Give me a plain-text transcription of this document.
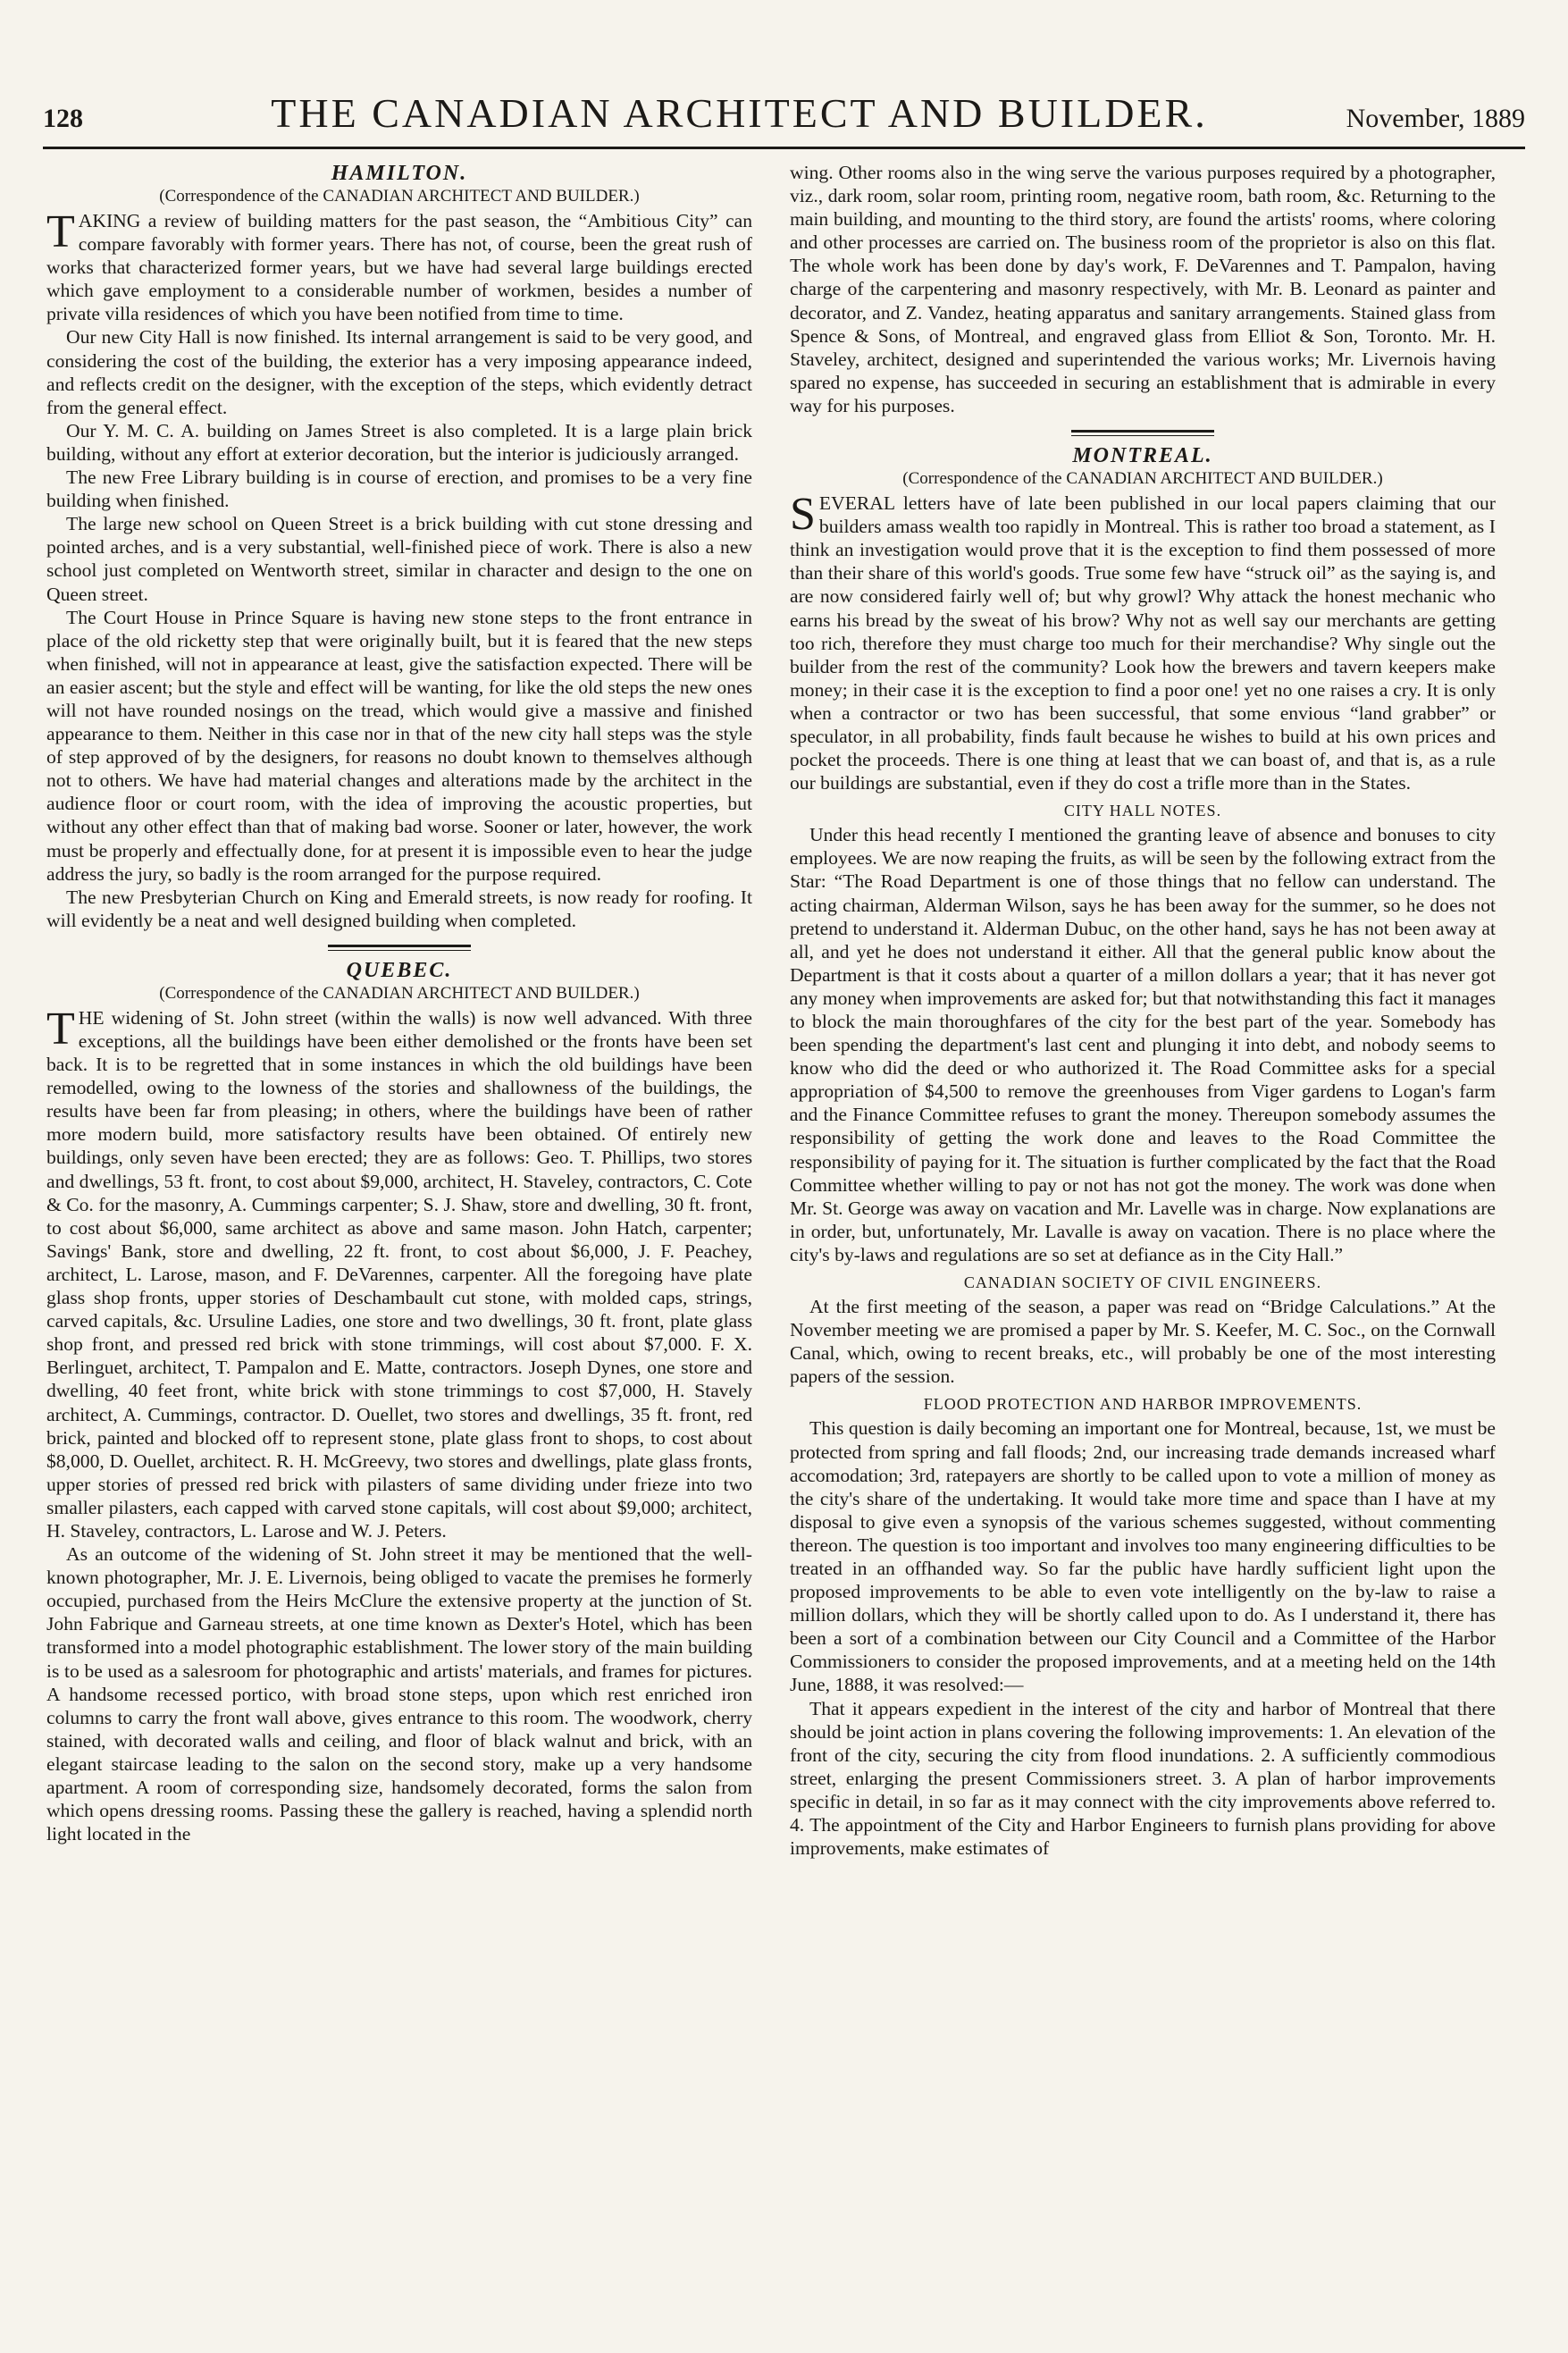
128	THE CANADIAN ARCHITECT AND BUILDER.	November, 1889
HAMILTON.
(Correspondence of the CANADIAN ARCHITECT AND BUILDER.)

TAKING a review of building matters for the past season, the “Ambitious City” can compare favorably with former years. There has not, of course, been the great rush of works that characterized former years, but we have had several large buildings erected which gave employment to a considerable number of workmen, besides a number of private villa residences of which you have been notified from time to time.

Our new City Hall is now finished. Its internal arrangement is said to be very good, and considering the cost of the building, the exterior has a very imposing appearance indeed, and reflects credit on the designer, with the exception of the steps, which evidently detract from the general effect.

Our Y. M. C. A. building on James Street is also completed. It is a large plain brick building, without any effort at exterior decoration, but the interior is judiciously arranged.

The new Free Library building is in course of erection, and promises to be a very fine building when finished.

The large new school on Queen Street is a brick building with cut stone dressing and pointed arches, and is a very substantial, well-finished piece of work. There is also a new school just completed on Wentworth street, similar in character and design to the one on Queen street.

The Court House in Prince Square is having new stone steps to the front entrance in place of the old ricketty step that were originally built, but it is feared that the new steps when finished, will not in appearance at least, give the satisfaction expected. There will be an easier ascent; but the style and effect will be wanting, for like the old steps the new ones will not have rounded nosings on the tread, which would give a massive and finished appearance to them. Neither in this case nor in that of the new city hall steps was the style of step approved of by the designers, for reasons no doubt known to themselves although not to others. We have had material changes and alterations made by the architect in the audience floor or court room, with the idea of improving the acoustic properties, but without any other effect than that of making bad worse. Sooner or later, however, the work must be properly and effectually done, for at present it is impossible even to hear the judge address the jury, so badly is the room arranged for the purpose required.

The new Presbyterian Church on King and Emerald streets, is now ready for roofing. It will evidently be a neat and well designed building when completed.

QUEBEC.
(Correspondence of the CANADIAN ARCHITECT AND BUILDER.)

THE widening of St. John street (within the walls) is now well advanced. With three exceptions, all the buildings have been either demolished or the fronts have been set back. It is to be regretted that in some instances in which the old buildings have been remodelled, owing to the lowness of the stories and shallowness of the buildings, the results have been far from pleasing; in others, where the buildings have been of rather more modern build, more satisfactory results have been obtained. Of entirely new buildings, only seven have been erected; they are as follows: Geo. T. Phillips, two stores and dwellings, 53 ft. front, to cost about $9,000, architect, H. Staveley, contractors, C. Cote & Co. for the masonry, A. Cummings carpenter; S. J. Shaw, store and dwelling, 30 ft. front, to cost about $6,000, same architect as above and same mason. John Hatch, carpenter; Savings' Bank, store and dwelling, 22 ft. front, to cost about $6,000, J. F. Peachey, architect, L. Larose, mason, and F. DeVarennes, carpenter. All the foregoing have plate glass shop fronts, upper stories of Deschambault cut stone, with molded caps, strings, carved capitals, &c. Ursuline Ladies, one store and two dwellings, 30 ft. front, plate glass shop front, and pressed red brick with stone trimmings, will cost about $7,000. F. X. Berlinguet, architect, T. Pampalon and E. Matte, contractors. Joseph Dynes, one store and dwelling, 40 feet front, white brick with stone trimmings to cost $7,000, H. Stavely architect, A. Cummings, contractor. D. Ouellet, two stores and dwellings, 35 ft. front, red brick, painted and blocked off to represent stone, plate glass front to shops, to cost about $8,000, D. Ouellet, architect. R. H. McGreevy, two stores and dwellings, plate glass fronts, upper stories of pressed red brick with pilasters of same dividing under frieze into two smaller pilasters, each capped with carved stone capitals, will cost about $9,000; architect, H. Staveley, contractors, L. Larose and W. J. Peters.

As an outcome of the widening of St. John street it may be mentioned that the well-known photographer, Mr. J. E. Livernois, being obliged to vacate the premises he formerly occupied, purchased from the Heirs McClure the extensive property at the junction of St. John Fabrique and Garneau streets, at one time known as Dexter's Hotel, which has been transformed into a model photographic establishment. The lower story of the main building is to be used as a salesroom for photographic and artists' materials, and frames for pictures. A handsome recessed portico, with broad stone steps, upon which rest enriched iron columns to carry the front wall above, gives entrance to this room. The woodwork, cherry stained, with decorated walls and ceiling, and floor of black walnut and brick, with an elegant staircase leading to the salon on the second story, make up a very handsome apartment. A room of corresponding size, handsomely decorated, forms the salon from which opens dressing rooms. Passing these the gallery is reached, having a splendid north light located in the

wing. Other rooms also in the wing serve the various purposes required by a photographer, viz., dark room, solar room, printing room, negative room, bath room, &c. Returning to the main building, and mounting to the third story, are found the artists' rooms, where coloring and other processes are carried on. The business room of the proprietor is also on this flat. The whole work has been done by day's work, F. DeVarennes and T. Pampalon, having charge of the carpentering and masonry respectively, with Mr. B. Leonard as painter and decorator, and Z. Vandez, heating apparatus and sanitary arrangements. Stained glass from Spence & Sons, of Montreal, and engraved glass from Elliot & Son, Toronto. Mr. H. Staveley, architect, designed and superintended the various works; Mr. Livernois having spared no expense, has succeeded in securing an establishment that is admirable in every way for his purposes.

MONTREAL.
(Correspondence of the CANADIAN ARCHITECT AND BUILDER.)

SEVERAL letters have of late been published in our local papers claiming that our builders amass wealth too rapidly in Montreal. This is rather too broad a statement, as I think an investigation would prove that it is the exception to find them possessed of more than their share of this world's goods. True some few have “struck oil” as the saying is, and are now considered fairly well of; but why growl? Why attack the honest mechanic who earns his bread by the sweat of his brow? Why not as well say our merchants are getting too rich, therefore they must charge too much for their merchandise? Why single out the builder from the rest of the community? Look how the brewers and tavern keepers make money; in their case it is the exception to find a poor one! yet no one raises a cry. It is only when a contractor or two has been successful, that some envious “land grabber” or speculator, in all probability, finds fault because he wishes to build at his own prices and pocket the proceeds. There is one thing at least that we can boast of, and that is, as a rule our buildings are substantial, even if they do cost a trifle more than in the States.

CITY HALL NOTES.

Under this head recently I mentioned the granting leave of absence and bonuses to city employees. We are now reaping the fruits, as will be seen by the following extract from the Star: “The Road Department is one of those things that no fellow can understand. The acting chairman, Alderman Wilson, says he has been away for the summer, so he does not pretend to understand it. Alderman Dubuc, on the other hand, says he has not been away at all, and yet he does not understand it either. All that the general public know about the Department is that it costs about a quarter of a millon dollars a year; that it has never got any money when improvements are asked for; but that notwithstanding this fact it manages to block the main thoroughfares of the city for the best part of the year. Somebody has been spending the department's last cent and plunging it into debt, and nobody seems to know who did the deed or who authorized it. The Road Committee asks for a special appropriation of $4,500 to remove the greenhouses from Viger gardens to Logan's farm and the Finance Committee refuses to grant the money. Thereupon somebody assumes the responsibility of getting the work done and leaves to the Road Committee the responsibility of paying for it. The situation is further complicated by the fact that the Road Committee whether willing to pay or not has not got the money. The work was done when Mr. St. George was away on vacation and Mr. Lavelle was in charge. Now explanations are in order, but, unfortunately, Mr. Lavalle is away on vacation. There is no place where the city's by-laws and regulations are so set at defiance as in the City Hall.”

CANADIAN SOCIETY OF CIVIL ENGINEERS.

At the first meeting of the season, a paper was read on “Bridge Calculations.” At the November meeting we are promised a paper by Mr. S. Keefer, M. C. Soc., on the Cornwall Canal, which, owing to recent breaks, etc., will probably be one of the most interesting papers of the session.

FLOOD PROTECTION AND HARBOR IMPROVEMENTS.

This question is daily becoming an important one for Montreal, because, 1st, we must be protected from spring and fall floods; 2nd, our increasing trade demands increased wharf accomodation; 3rd, ratepayers are shortly to be called upon to vote a million of money as the city's share of the undertaking. It would take more time and space than I have at my disposal to give even a synopsis of the various schemes suggested, without commenting thereon. The question is too important and involves too many engineering difficulties to be treated in an offhanded way. So far the public have hardly sufficient light upon the proposed improvements to be able to even vote intelligently on the by-law to raise a million dollars, which they will be shortly called upon to do. As I understand it, there has been a sort of a combination between our City Council and a Committee of the Harbor Commissioners to consider the proposed improvements, and at a meeting held on the 14th June, 1888, it was resolved:—

That it appears expedient in the interest of the city and harbor of Montreal that there should be joint action in plans covering the following improvements: 1. An elevation of the front of the city, securing the city from flood inundations. 2. A sufficiently commodious street, enlarging the present Commissioners street. 3. A plan of harbor improvements specific in detail, in so far as it may connect with the city improvements above referred to. 4. The appointment of the City and Harbor Engineers to furnish plans providing for above improvements, make estimates of
